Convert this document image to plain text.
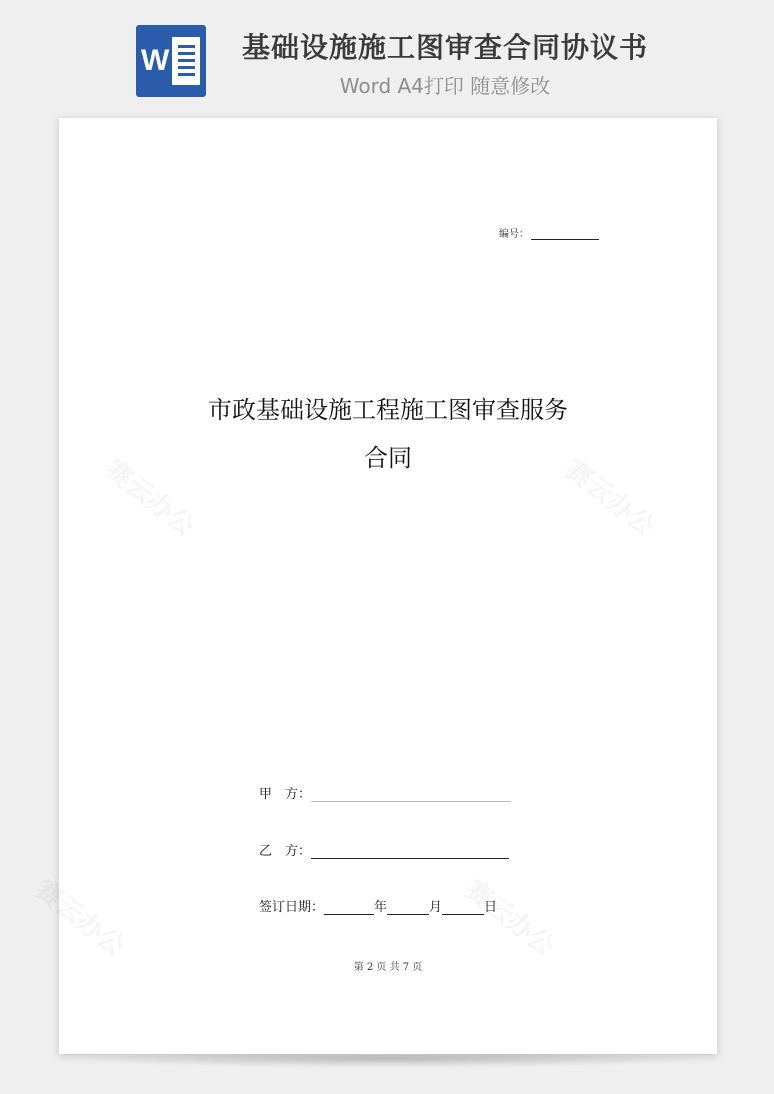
W	基础设施施工图审查合同协议书
Word A4打印 随意修改
编号：
市政基础设施工程施工图审查服务
合同
甲　方：
乙　方：
签订日期：	年	月	日
第 2 页 共 7 页
